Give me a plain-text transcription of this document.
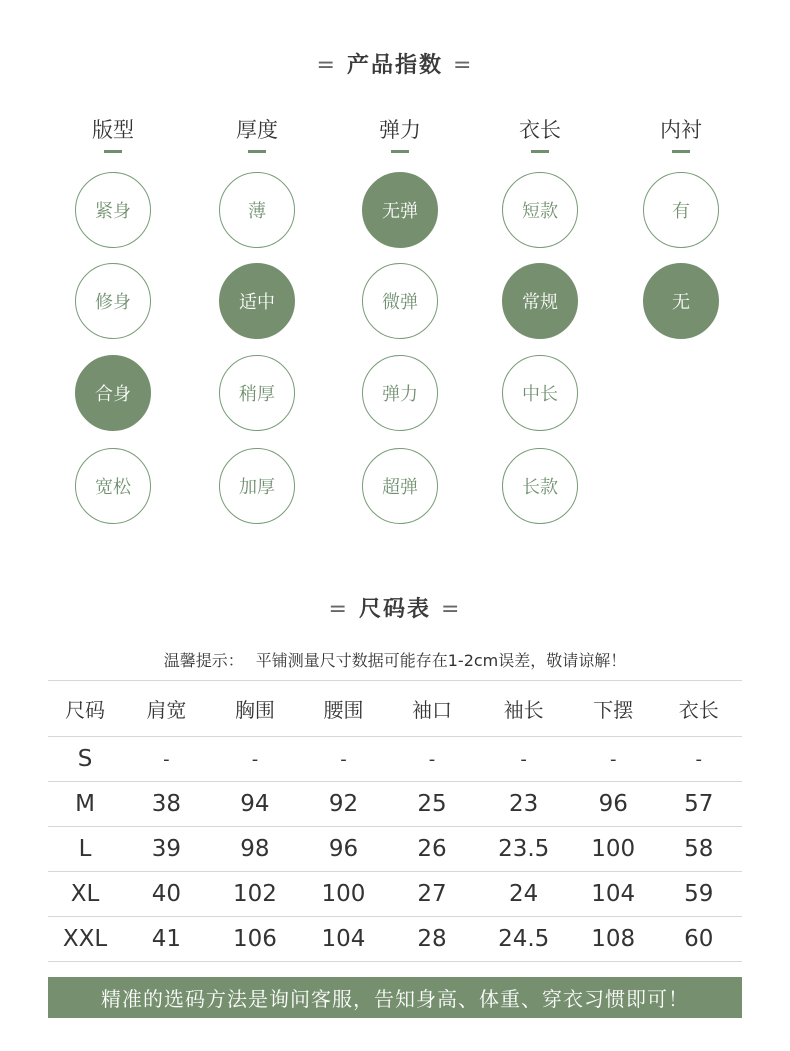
= 产品指数 =
版型
紧身
修身
合身
宽松
厚度
薄
适中
稍厚
加厚
弹力
无弹
微弹
弹力
超弹
衣长
短款
常规
中长
长款
内衬
有
无
= 尺码表 =
温馨提示： 平铺测量尺寸数据可能存在1-2cm误差，敬请谅解！
尺码	肩宽	胸围	腰围	袖口	袖长	下摆	衣长
S	-	-	-	-	-	-	-
M	38	94	92	25	23	96	57
L	39	98	96	26	23.5	100	58
XL	40	102	100	27	24	104	59
XXL	41	106	104	28	24.5	108	60
精准的选码方法是询问客服，告知身高、体重、穿衣习惯即可！
